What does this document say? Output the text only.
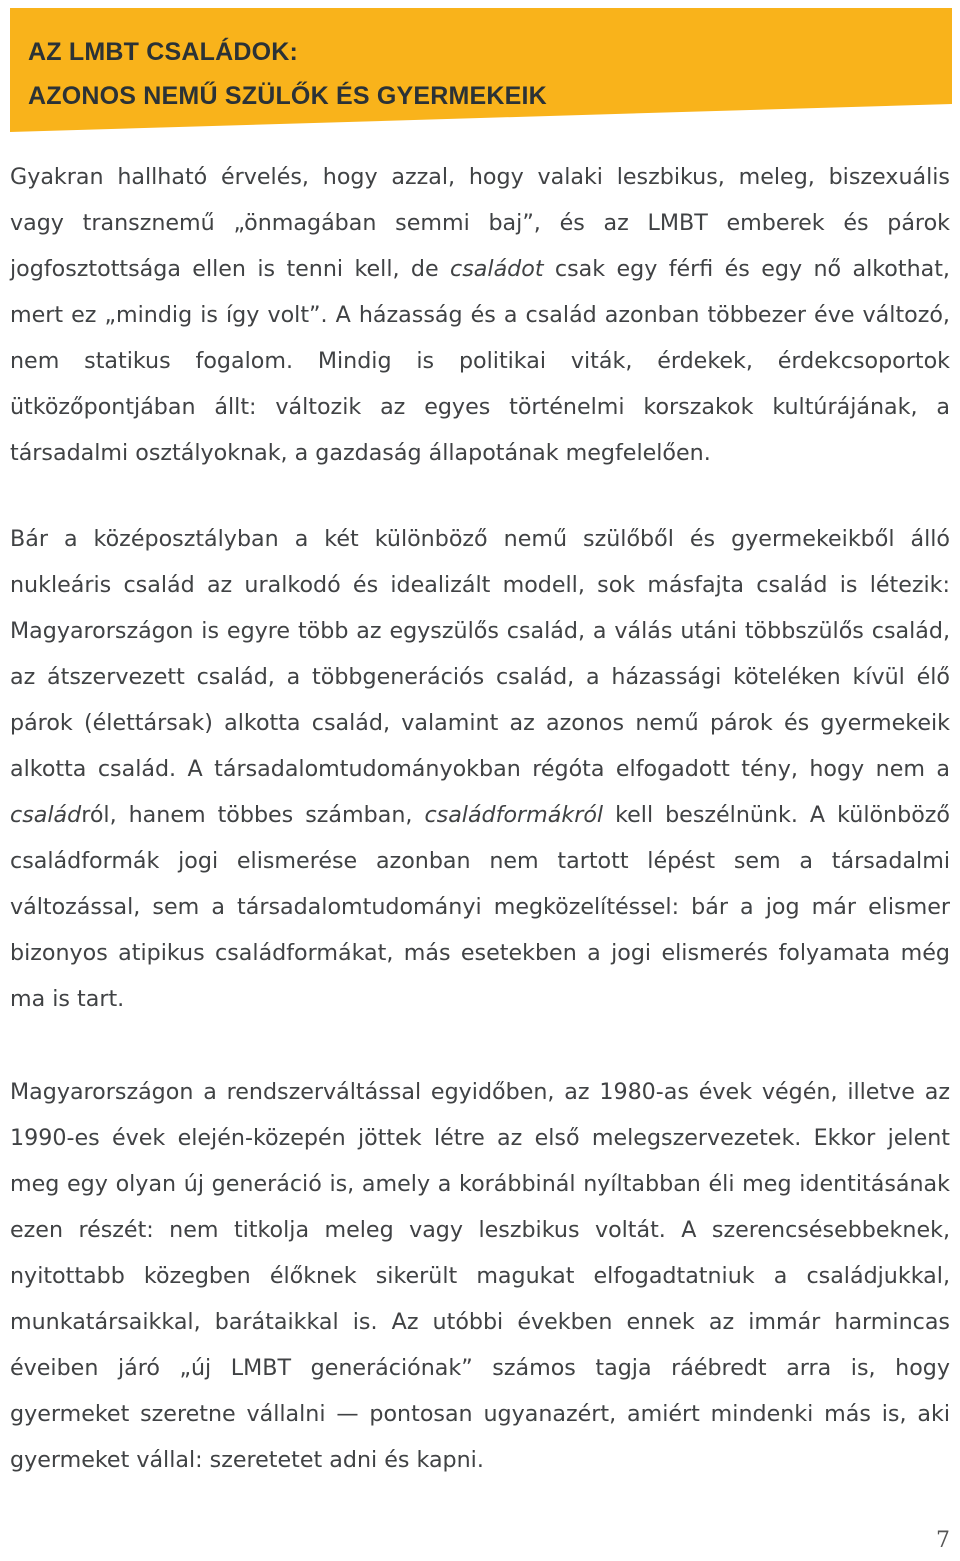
AZ LMBT CSALÁDOK:
AZONOS NEMŰ SZÜLŐK ÉS GYERMEKEIK

Gyakran hallható érvelés, hogy azzal, hogy valaki leszbikus, meleg, biszexuális vagy transznemű „önmagában semmi baj”, és az LMBT emberek és párok jogfosztottsága ellen is tenni kell, de családot csak egy férfi és egy nő alkothat, mert ez „mindig is így volt”. A házasság és a család azonban többezer éve változó, nem statikus fogalom. Mindig is politikai viták, érdekek, érdekcsoportok ütközőpontjában állt: változik az egyes történelmi korszakok kultúrájának, a társadalmi osztályoknak, a gazdaság állapotának megfelelően.

Bár a középosztályban a két különböző nemű szülőből és gyermekeikből álló nukleáris család az uralkodó és idealizált modell, sok másfajta család is létezik: Magyarországon is egyre több az egyszülős család, a válás utáni többszülős család, az átszervezett család, a többgenerációs család, a házassági köteléken kívül élő párok (élettársak) alkotta család, valamint az azonos nemű párok és gyermekeik alkotta család. A társadalomtudományokban régóta elfogadott tény, hogy nem a családról, hanem többes számban, családformákról kell beszélnünk. A különböző családformák jogi elismerése azonban nem tartott lépést sem a társadalmi változással, sem a társadalomtudományi megközelítéssel: bár a jog már elismer bizonyos atipikus családformákat, más esetekben a jogi elismerés folyamata még ma is tart.

Magyarországon a rendszerváltással egyidőben, az 1980-as évek végén, illetve az 1990-es évek elején-közepén jöttek létre az első melegszervezetek. Ekkor jelent meg egy olyan új generáció is, amely a korábbinál nyíltabban éli meg identitásának ezen részét: nem titkolja meleg vagy leszbikus voltát. A szerencsésebbeknek, nyitottabb közegben élőknek sikerült magukat elfogadtatniuk a családjukkal, munkatársaikkal, barátaikkal is. Az utóbbi években ennek az immár harmincas éveiben járó „új LMBT generációnak” számos tagja ráébredt arra is, hogy gyermeket szeretne vállalni — pontosan ugyanazért, amiért mindenki más is, aki gyermeket vállal: szeretetet adni és kapni.

7
